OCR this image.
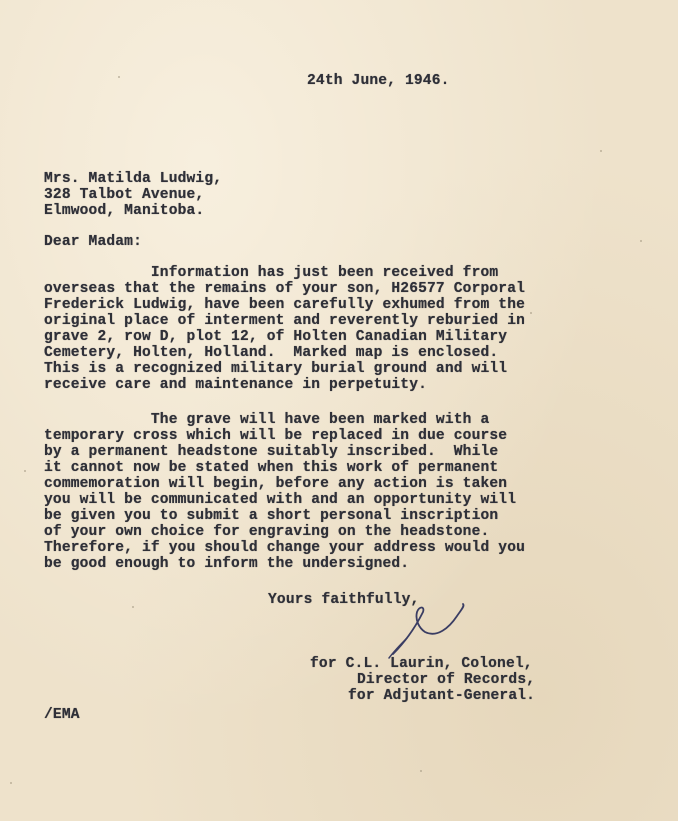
24th June, 1946.
Mrs. Matilda Ludwig,
328 Talbot Avenue,
Elmwood, Manitoba.
Dear Madam:
Information has just been received from
overseas that the remains of your son, H26577 Corporal
Frederick Ludwig, have been carefully exhumed from the
original place of interment and reverently reburied in
grave 2, row D, plot 12, of Holten Canadian Military
Cemetery, Holten, Holland.  Marked map is enclosed.
This is a recognized military burial ground and will
receive care and maintenance in perpetuity.
The grave will have been marked with a
temporary cross which will be replaced in due course
by a permanent headstone suitably inscribed.  While
it cannot now be stated when this work of permanent
commemoration will begin, before any action is taken
you will be communicated with and an opportunity will
be given you to submit a short personal inscription
of your own choice for engraving on the headstone.
Therefore, if you should change your address would you
be good enough to inform the undersigned.
Yours faithfully,
for C.L. Laurin, Colonel,
Director of Records,
for Adjutant-General.
/EMA
